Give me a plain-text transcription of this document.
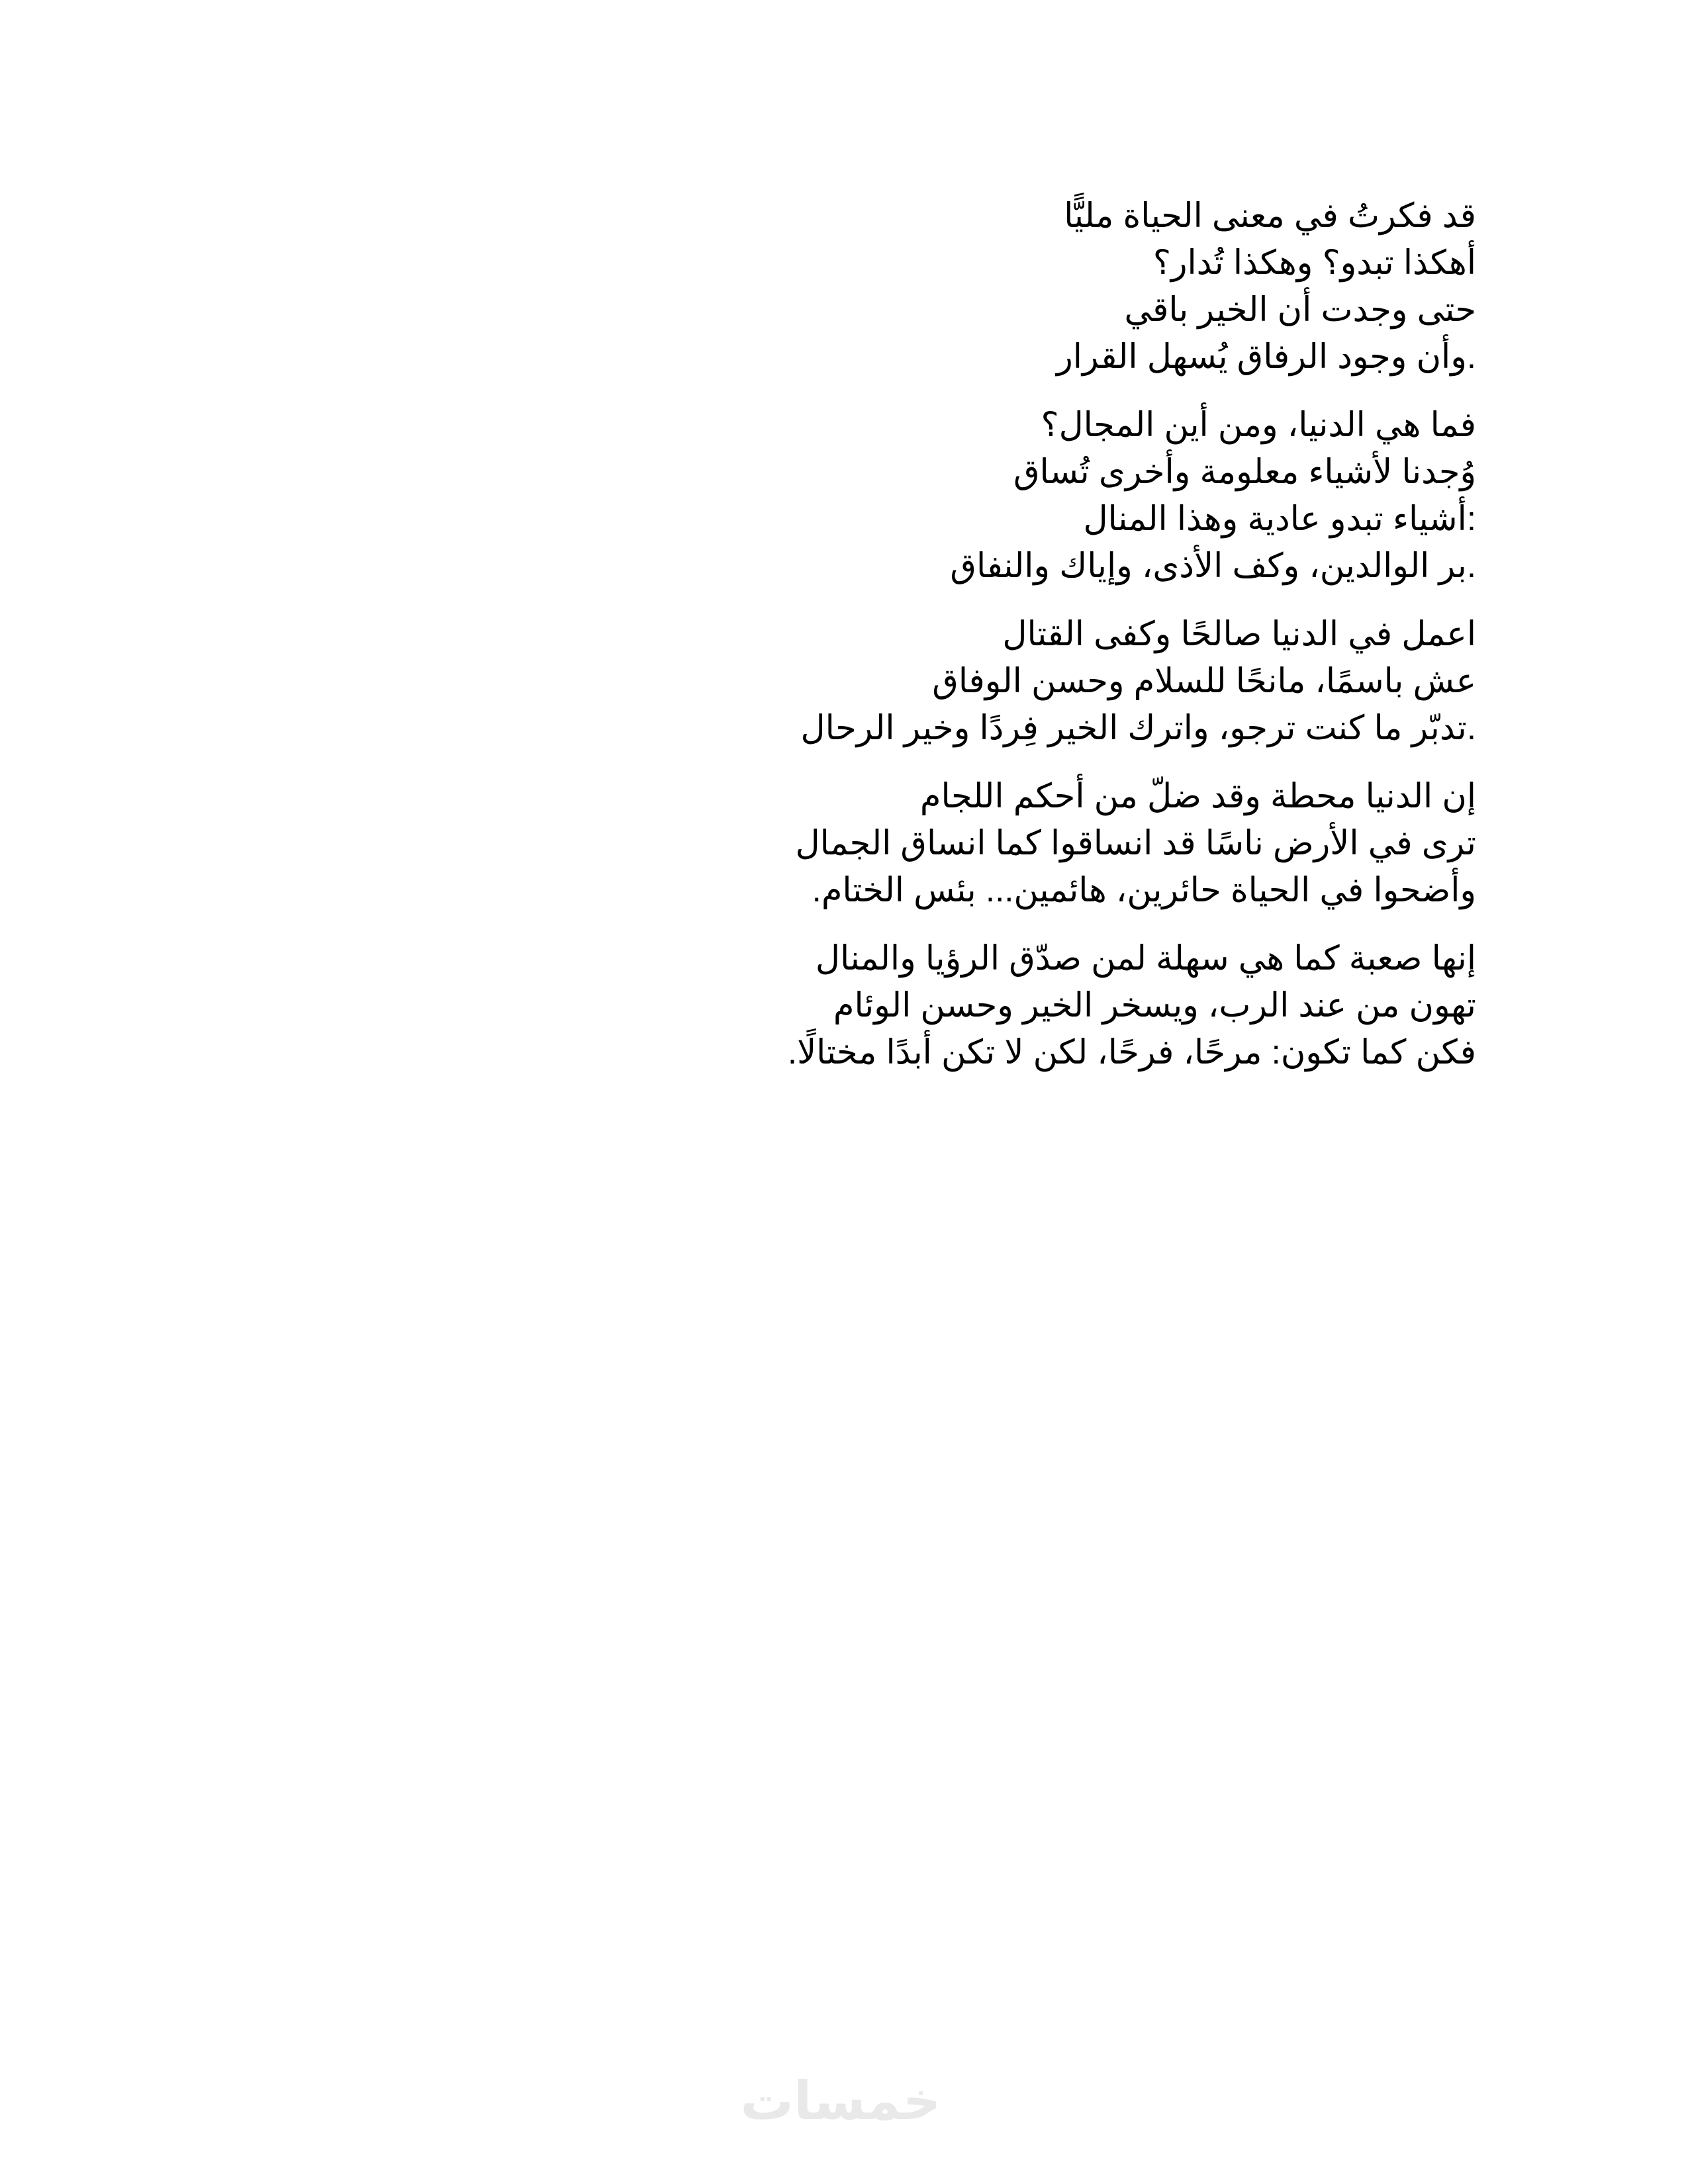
قد فكرتُ في معنى الحياة مليًّا
أهكذا تبدو؟ وهكذا تُدار؟
حتى وجدت أن الخير باقي
.وأن وجود الرفاق يُسهل القرار
فما هي الدنيا، ومن أين المجال؟
وُجدنا لأشياء معلومة وأخرى تُساق
:أشياء تبدو عادية وهذا المنال
.بر الوالدين، وكف الأذى، وإياك والنفاق
اعمل في الدنيا صالحًا وكفى القتال
عش باسمًا، مانحًا للسلام وحسن الوفاق
.تدبّر ما كنت ترجو، واترك الخير فِردًا وخير الرحال
إن الدنيا محطة وقد ضلّ من أحكم اللجام
ترى في الأرض ناسًا قد انساقوا كما انساق الجمال
وأضحوا في الحياة حائرين، هائمين... بئس الختام.
إنها صعبة كما هي سهلة لمن صدّق الرؤيا والمنال
تهون من عند الرب، ويسخر الخير وحسن الوئام
فكن كما تكون: مرحًا، فرحًا، لكن لا تكن أبدًا مختالًا.
خمسات
